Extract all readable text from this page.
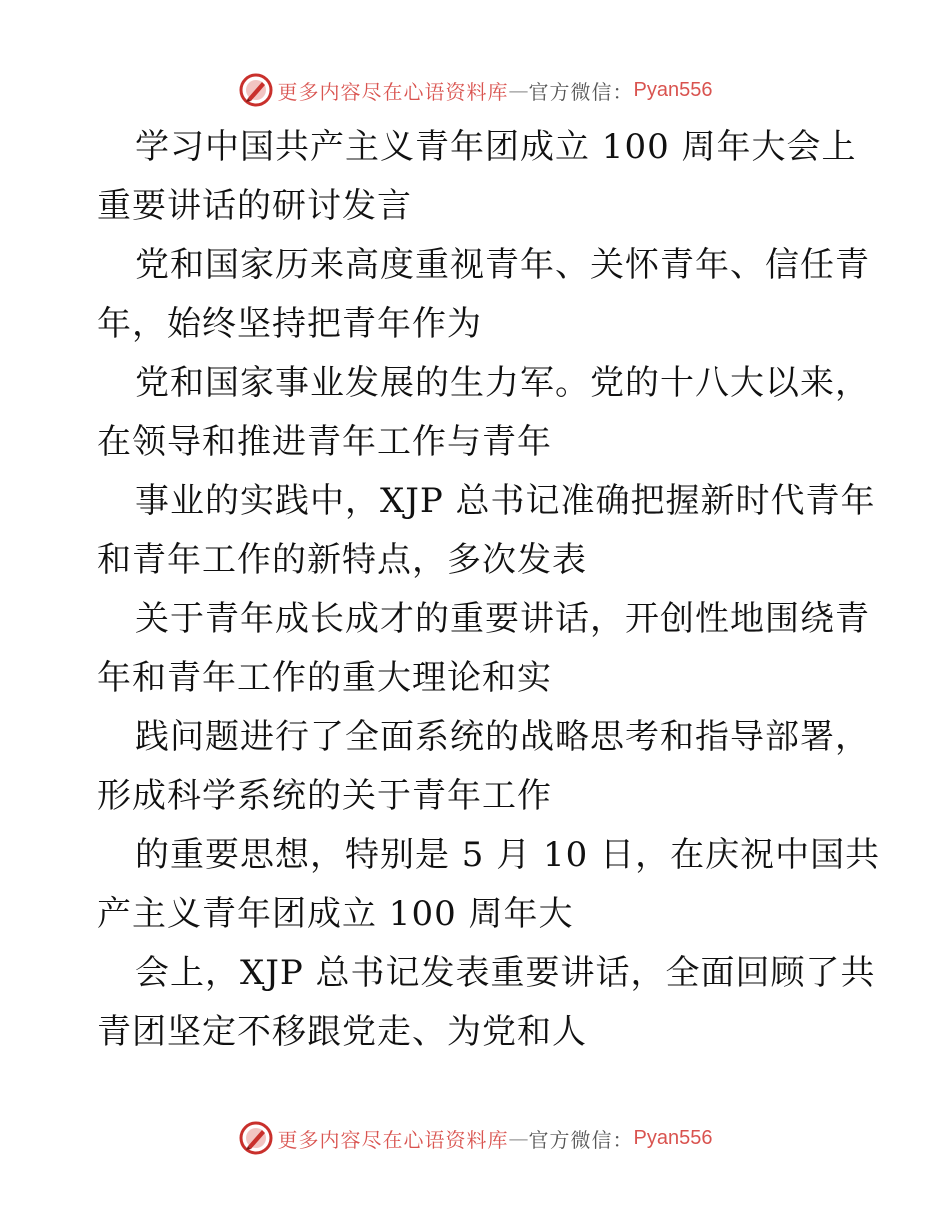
更多内容尽在心语资料库 — 官方微信： Pyan556
学习中国共产主义青年团成立 100 周年大会上
重要讲话的研讨发言
党和国家历来高度重视青年、关怀青年、信任青
年，始终坚持把青年作为
党和国家事业发展的生力军。党的十八大以来，
在领导和推进青年工作与青年
事业的实践中，XJP 总书记准确把握新时代青年
和青年工作的新特点，多次发表
关于青年成长成才的重要讲话，开创性地围绕青
年和青年工作的重大理论和实
践问题进行了全面系统的战略思考和指导部署，
形成科学系统的关于青年工作
的重要思想，特别是 5 月 10 日，在庆祝中国共
产主义青年团成立 100 周年大
会上，XJP 总书记发表重要讲话，全面回顾了共
青团坚定不移跟党走、为党和人
更多内容尽在心语资料库 — 官方微信： Pyan556
